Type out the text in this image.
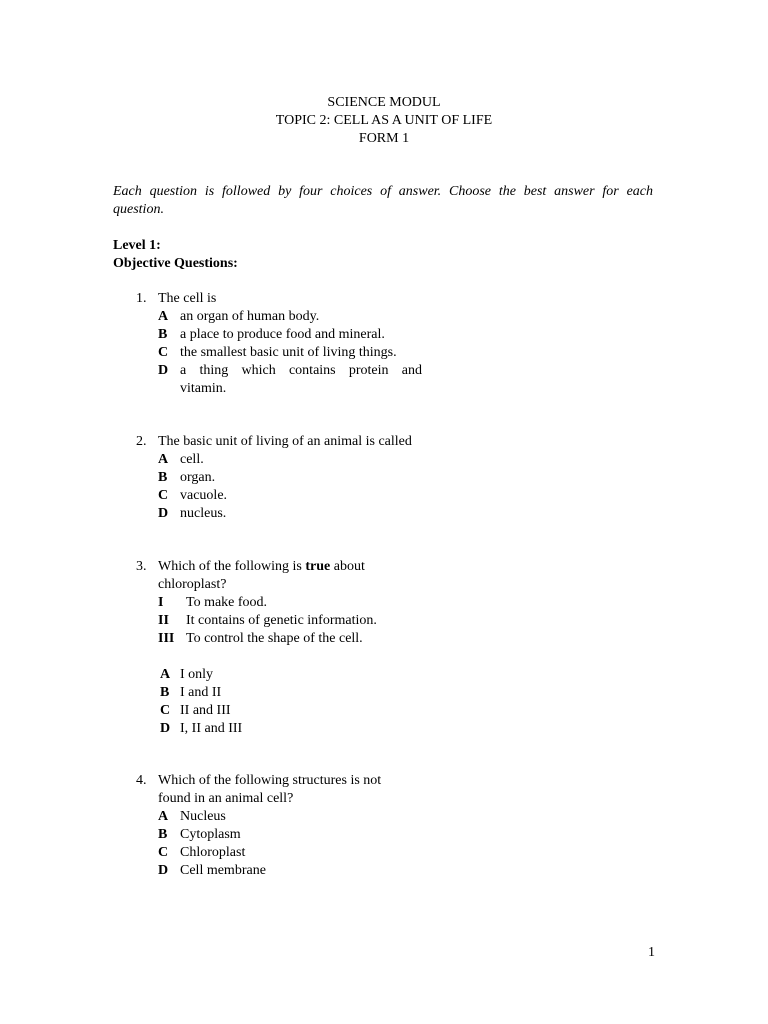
SCIENCE MODUL
TOPIC 2: CELL AS A UNIT OF LIFE
FORM 1
Each question is followed by four choices of answer. Choose the best answer for each
question.
Level 1:
Objective Questions:
1. The cell is
A an organ of human body.
B a place to produce food and mineral.
C the smallest basic unit of living things.
D a thing which contains protein and
vitamin.
2. The basic unit of living of an animal is called
A cell.
B organ.
C vacuole.
D nucleus.
3. Which of the following is true about
chloroplast?
I To make food.
II It contains of genetic information.
III To control the shape of the cell.
A I only
B I and II
C II and III
D I, II and III
4. Which of the following structures is not
found in an animal cell?
A Nucleus
B Cytoplasm
C Chloroplast
D Cell membrane
1
